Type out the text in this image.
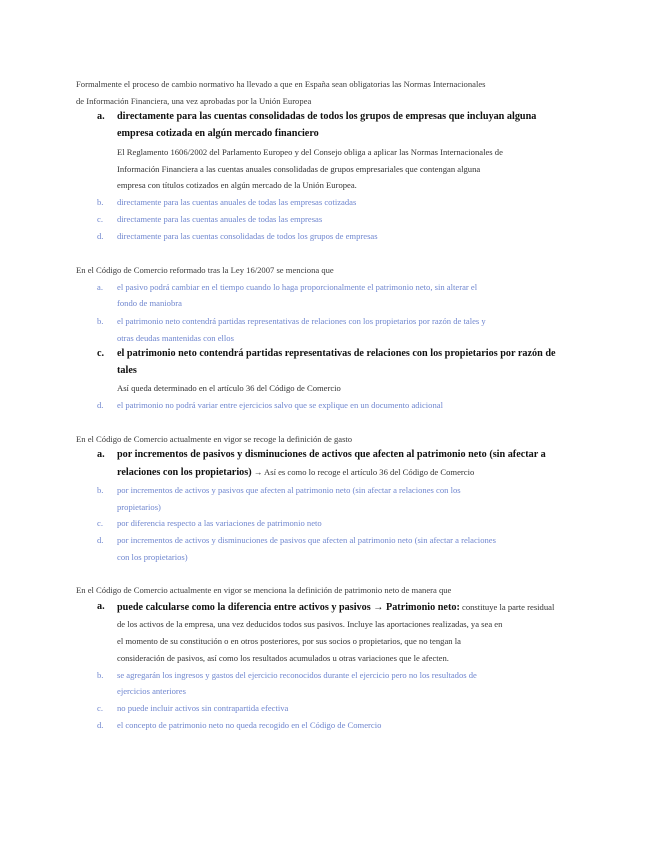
Formalmente el proceso de cambio normativo ha llevado a que en España sean obligatorias las Normas Internacionales
de Información Financiera, una vez aprobadas por la Unión Europea
a. directamente para las cuentas consolidadas de todos los grupos de empresas que incluyan alguna
empresa cotizada en algún mercado financiero
El Reglamento 1606/2002 del Parlamento Europeo y del Consejo obliga a aplicar las Normas Internacionales de
Información Financiera a las cuentas anuales consolidadas de grupos empresariales que contengan alguna
empresa con títulos cotizados en algún mercado de la Unión Europea.
b. directamente para las cuentas anuales de todas las empresas cotizadas
c. directamente para las cuentas anuales de todas las empresas
d. directamente para las cuentas consolidadas de todos los grupos de empresas
En el Código de Comercio reformado tras la Ley 16/2007 se menciona que
a. el pasivo podrá cambiar en el tiempo cuando lo haga proporcionalmente el patrimonio neto, sin alterar el
fondo de maniobra
b. el patrimonio neto contendrá partidas representativas de relaciones con los propietarios por razón de tales y
otras deudas mantenidas con ellos
c. el patrimonio neto contendrá partidas representativas de relaciones con los propietarios por razón de
tales
Así queda determinado en el artículo 36 del Código de Comercio
d. el patrimonio no podrá variar entre ejercicios salvo que se explique en un documento adicional
En el Código de Comercio actualmente en vigor se recoge la definición de gasto
a. por incrementos de pasivos y disminuciones de activos que afecten al patrimonio neto (sin afectar a
relaciones con los propietarios) → Así es como lo recoge el artículo 36 del Código de Comercio
b. por incrementos de activos y pasivos que afecten al patrimonio neto (sin afectar a relaciones con los
propietarios)
c. por diferencia respecto a las variaciones de patrimonio neto
d. por incrementos de activos y disminuciones de pasivos que afecten al patrimonio neto (sin afectar a relaciones
con los propietarios)
En el Código de Comercio actualmente en vigor se menciona la definición de patrimonio neto de manera que
a. puede calcularse como la diferencia entre activos y pasivos → Patrimonio neto: constituye la parte residual
de los activos de la empresa, una vez deducidos todos sus pasivos. Incluye las aportaciones realizadas, ya sea en
el momento de su constitución o en otros posteriores, por sus socios o propietarios, que no tengan la
consideración de pasivos, así como los resultados acumulados u otras variaciones que le afecten.
b. se agregarán los ingresos y gastos del ejercicio reconocidos durante el ejercicio pero no los resultados de
ejercicios anteriores
c. no puede incluir activos sin contrapartida efectiva
d. el concepto de patrimonio neto no queda recogido en el Código de Comercio
